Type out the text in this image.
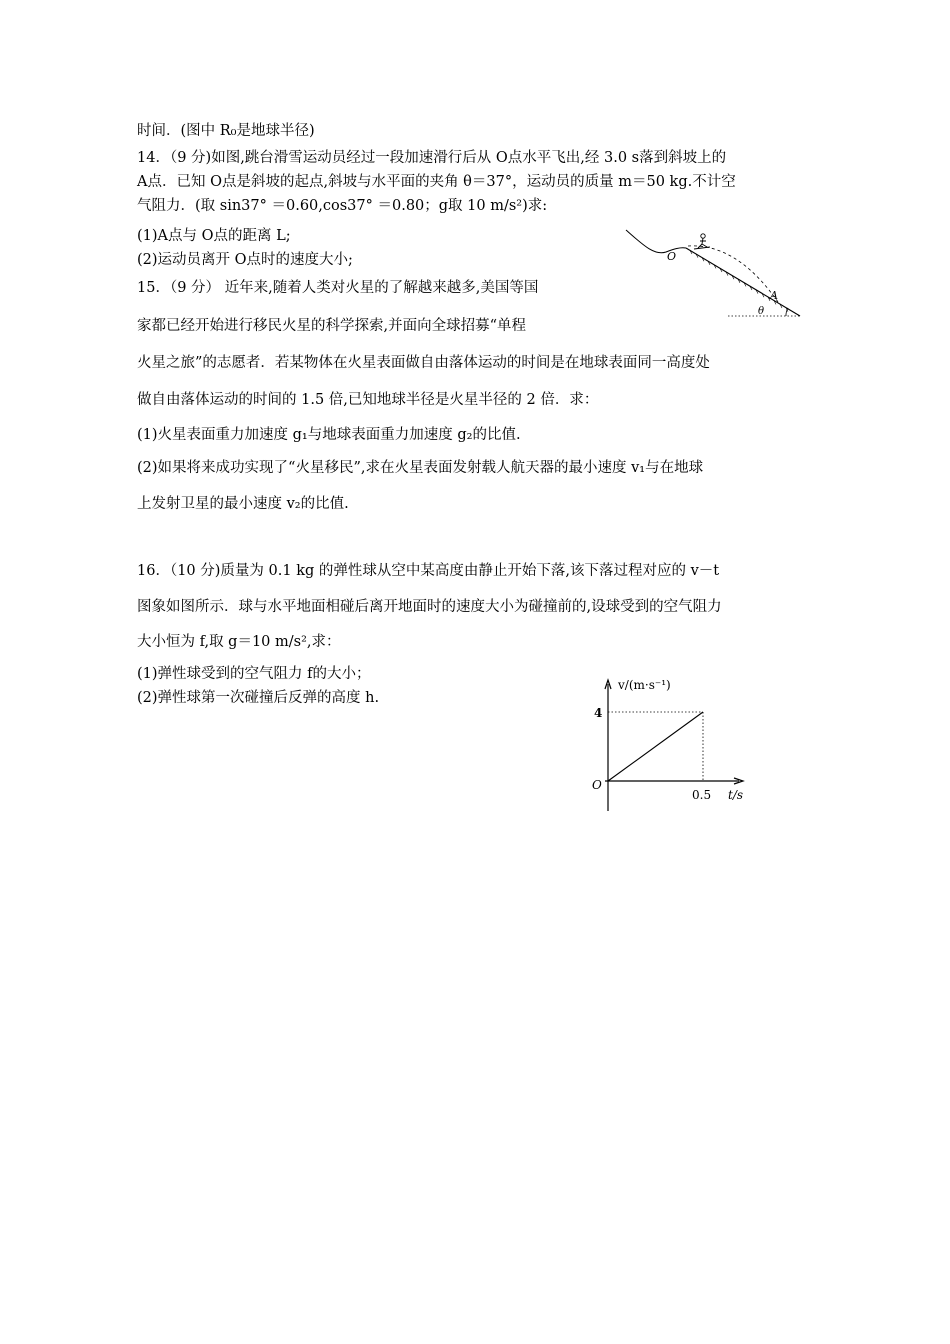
时间．(图中 R₀是地球半径)
14．（9 分)如图,跳台滑雪运动员经过一段加速滑行后从 O点水平飞出,经 3.0 s落到斜坡上的
A点．已知 O点是斜坡的起点,斜坡与水平面的夹角 θ＝37°，运动员的质量 m＝50 kg.不计空
气阻力．(取 sin37° ＝0.60,cos37° ＝0.80；g取 10 m/s²)求:
(1)A点与 O点的距离 L;
(2)运动员离开 O点时的速度大小;
15．（9 分） 近年来,随着人类对火星的了解越来越多,美国等国
家都已经开始进行移民火星的科学探索,并面向全球招募“单程
火星之旅”的志愿者．若某物体在火星表面做自由落体运动的时间是在地球表面同一高度处
做自由落体运动的时间的 1.5 倍,已知地球半径是火星半径的 2 倍．求：
(1)火星表面重力加速度 g₁与地球表面重力加速度 g₂的比值.
(2)如果将来成功实现了“火星移民”,求在火星表面发射载人航天器的最小速度 v₁与在地球
上发射卫星的最小速度 v₂的比值.
16．（10 分)质量为 0.1 kg 的弹性球从空中某高度由静止开始下落,该下落过程对应的 v－t
图象如图所示．球与水平地面相碰后离开地面时的速度大小为碰撞前的,设球受到的空气阻力
大小恒为 f,取 g＝10 m/s²,求：
(1)弹性球受到的空气阻力 f的大小；
(2)弹性球第一次碰撞后反弹的高度 h.
O
A
θ
v/(m·s⁻¹)
t/s
O
4
0.5
